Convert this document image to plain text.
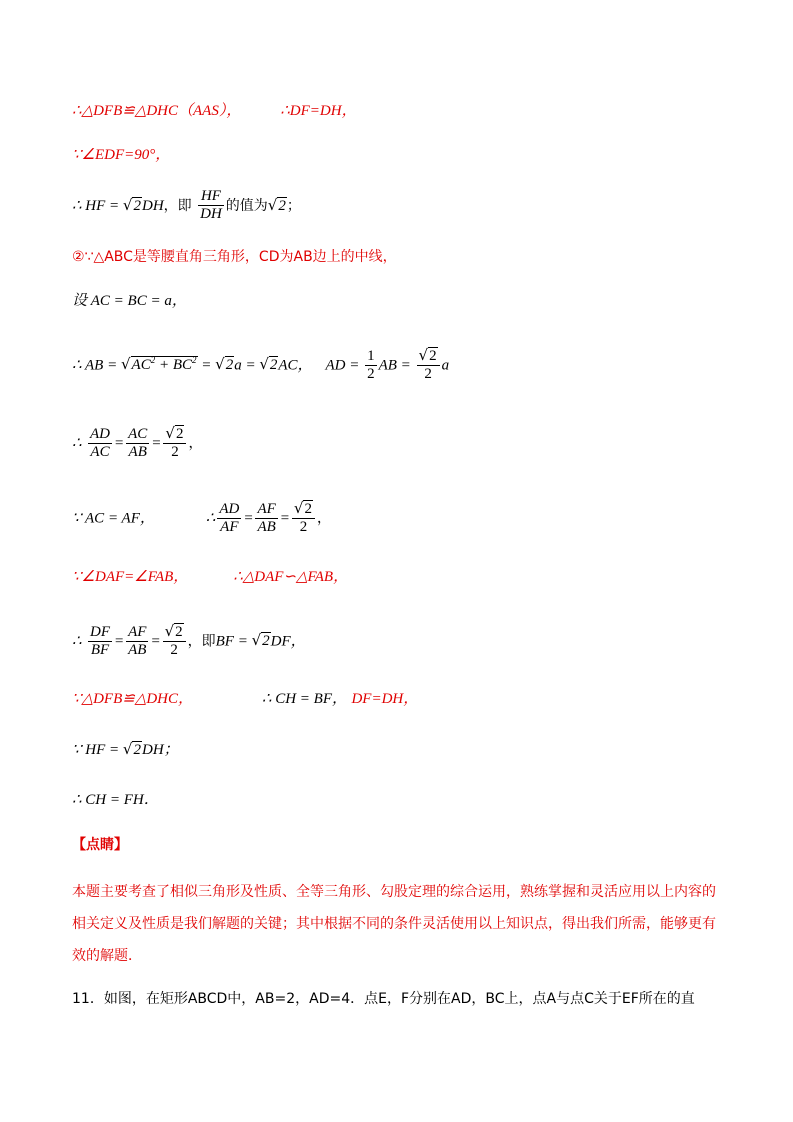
∴△DFB≌△DHC（AAS），	∴DF=DH，
∵∠EDF=90°，
∴ HF = √2DH，即 $\frac{HF}{DH}$ 的值为√2；
②∵△ABC是等腰直角三角形，CD为AB边上的中线，
设 AC = BC = a，
∴ AB = $√AC^2 + BC^2 = √2a = √2AC$， AD = $\frac{1}{2}$ AB = $\frac{√2}{2}$ a
∴ $\frac{AD}{AC} = \frac{AC}{AB} = \frac{√2}{2}$ ，
∵ AC = AF，	∴ $\frac{AD}{AF} = \frac{AF}{AB} = \frac{√2}{2}$ ，
∵∠DAF=∠FAB，	∴△DAF∽△FAB，
∴ $\frac{DF}{BF} = \frac{AF}{AB} = \frac{√2}{2}$ ，即BF = √2DF，
∵△DFB≌△DHC，	∴ CH = BF， DF=DH，
∵ HF = √2DH；
∴ CH = FH．
【点睛】
本题主要考查了相似三角形及性质、全等三角形、勾股定理的综合运用，熟练掌握和灵活应用以上内容的相关定义及性质是我们解题的关键；其中根据不同的条件灵活使用以上知识点，得出我们所需，能够更有效的解题．
11．如图，在矩形ABCD中，AB=2，AD=4．点E，F分别在AD，BC上，点A与点C关于EF所在的直
